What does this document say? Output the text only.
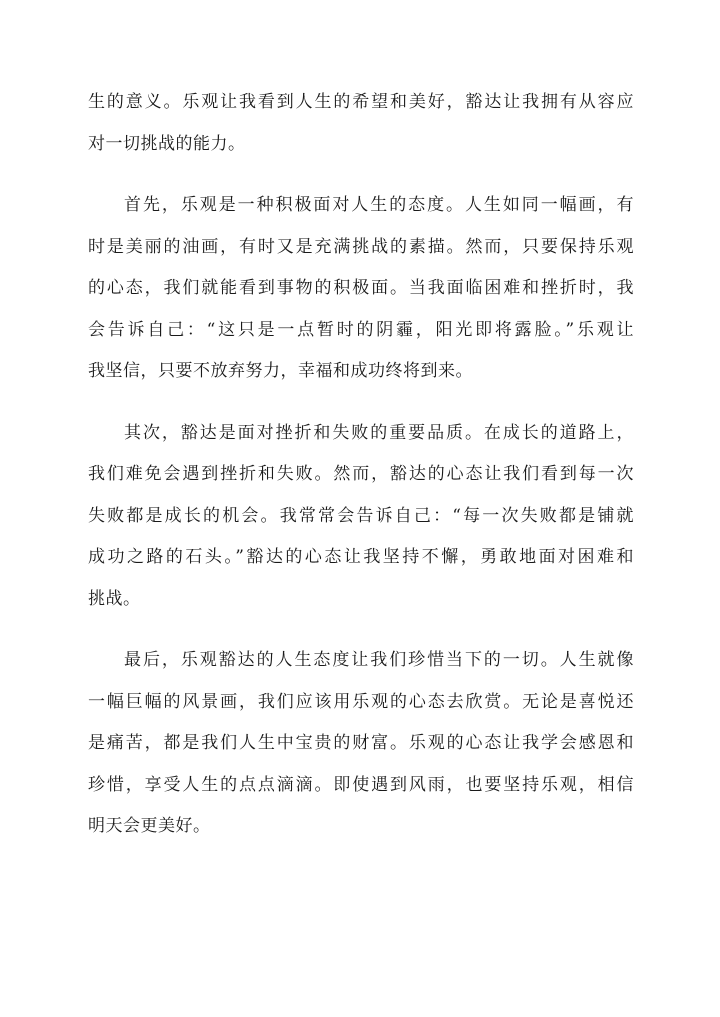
生的意义。乐观让我看到人生的希望和美好，豁达让我拥有从容应
对一切挑战的能力。
首先，乐观是一种积极面对人生的态度。人生如同一幅画，有
时是美丽的油画，有时又是充满挑战的素描。然而，只要保持乐观
的心态，我们就能看到事物的积极面。当我面临困难和挫折时，我
会告诉自己：“这只是一点暂时的阴霾，阳光即将露脸。”乐观让
我坚信，只要不放弃努力，幸福和成功终将到来。
其次，豁达是面对挫折和失败的重要品质。在成长的道路上，
我们难免会遇到挫折和失败。然而，豁达的心态让我们看到每一次
失败都是成长的机会。我常常会告诉自己：“每一次失败都是铺就
成功之路的石头。”豁达的心态让我坚持不懈，勇敢地面对困难和
挑战。
最后，乐观豁达的人生态度让我们珍惜当下的一切。人生就像
一幅巨幅的风景画，我们应该用乐观的心态去欣赏。无论是喜悦还
是痛苦，都是我们人生中宝贵的财富。乐观的心态让我学会感恩和
珍惜，享受人生的点点滴滴。即使遇到风雨，也要坚持乐观，相信
明天会更美好。
